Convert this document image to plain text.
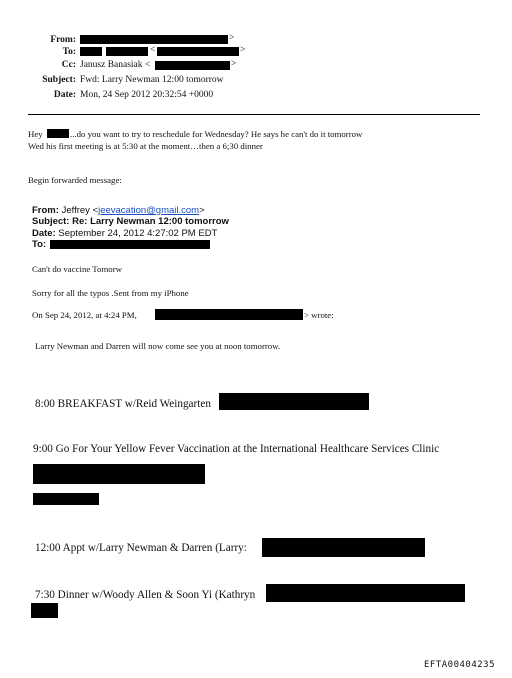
From:	>
To:	<	>
Cc: Janusz Banasiak <	>
Subject: Fwd: Larry Newman 12:00 tomorrow
Date: Mon, 24 Sep 2012 20:32:54 +0000
Hey	...do you want to try to reschedule for Wednesday? He says he can't do it tomorrow
Wed his first meeting is at 5:30 at the moment…then a 6;30 dinner
Begin forwarded message:
From: Jeffrey <jeevacation@gmail.com>
Subject: Re: Larry Newman 12:00 tomorrow
Date: September 24, 2012 4:27:02 PM EDT
To:
Can't do vaccine Tomorw
Sorry for all the typos .Sent from my iPhone
On Sep 24, 2012, at 4:24 PM,	> wrote:
Larry Newman and Darren will now come see you at noon tomorrow.
8:00 BREAKFAST w/Reid Weingarten
9:00 Go For Your Yellow Fever Vaccination at the International Healthcare Services Clinic
12:00 Appt w/Larry Newman & Darren (Larry:
7:30 Dinner w/Woody Allen & Soon Yi (Kathryn
EFTA00404235
